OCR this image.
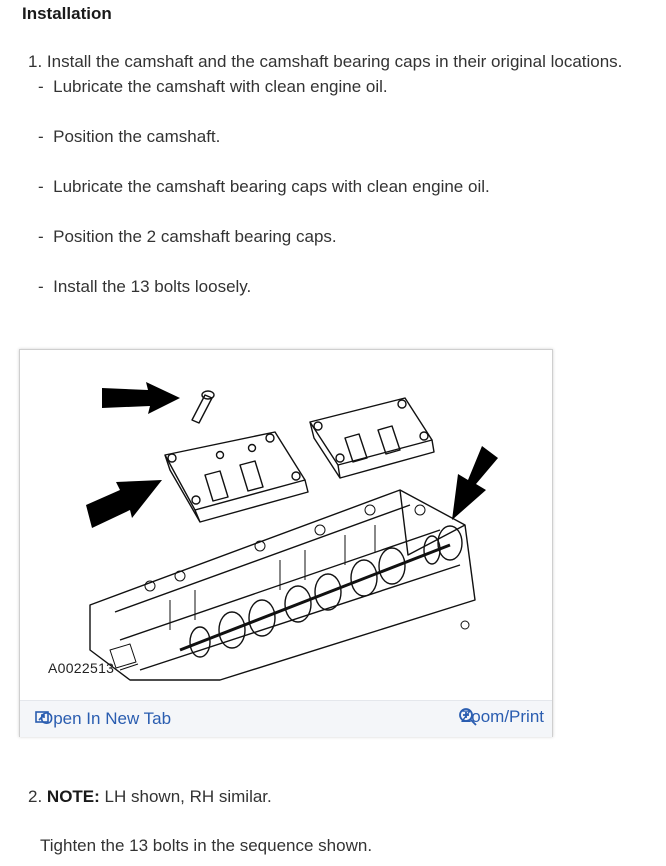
Installation
1. Install the camshaft and the camshaft bearing caps in their original locations.
- Lubricate the camshaft with clean engine oil.
- Position the camshaft.
- Lubricate the camshaft bearing caps with clean engine oil.
- Position the 2 camshaft bearing caps.
- Install the 13 bolts loosely.
A0022513
Open In New Tab	Zoom/Print
2. NOTE: LH shown, RH similar.
Tighten the 13 bolts in the sequence shown.
